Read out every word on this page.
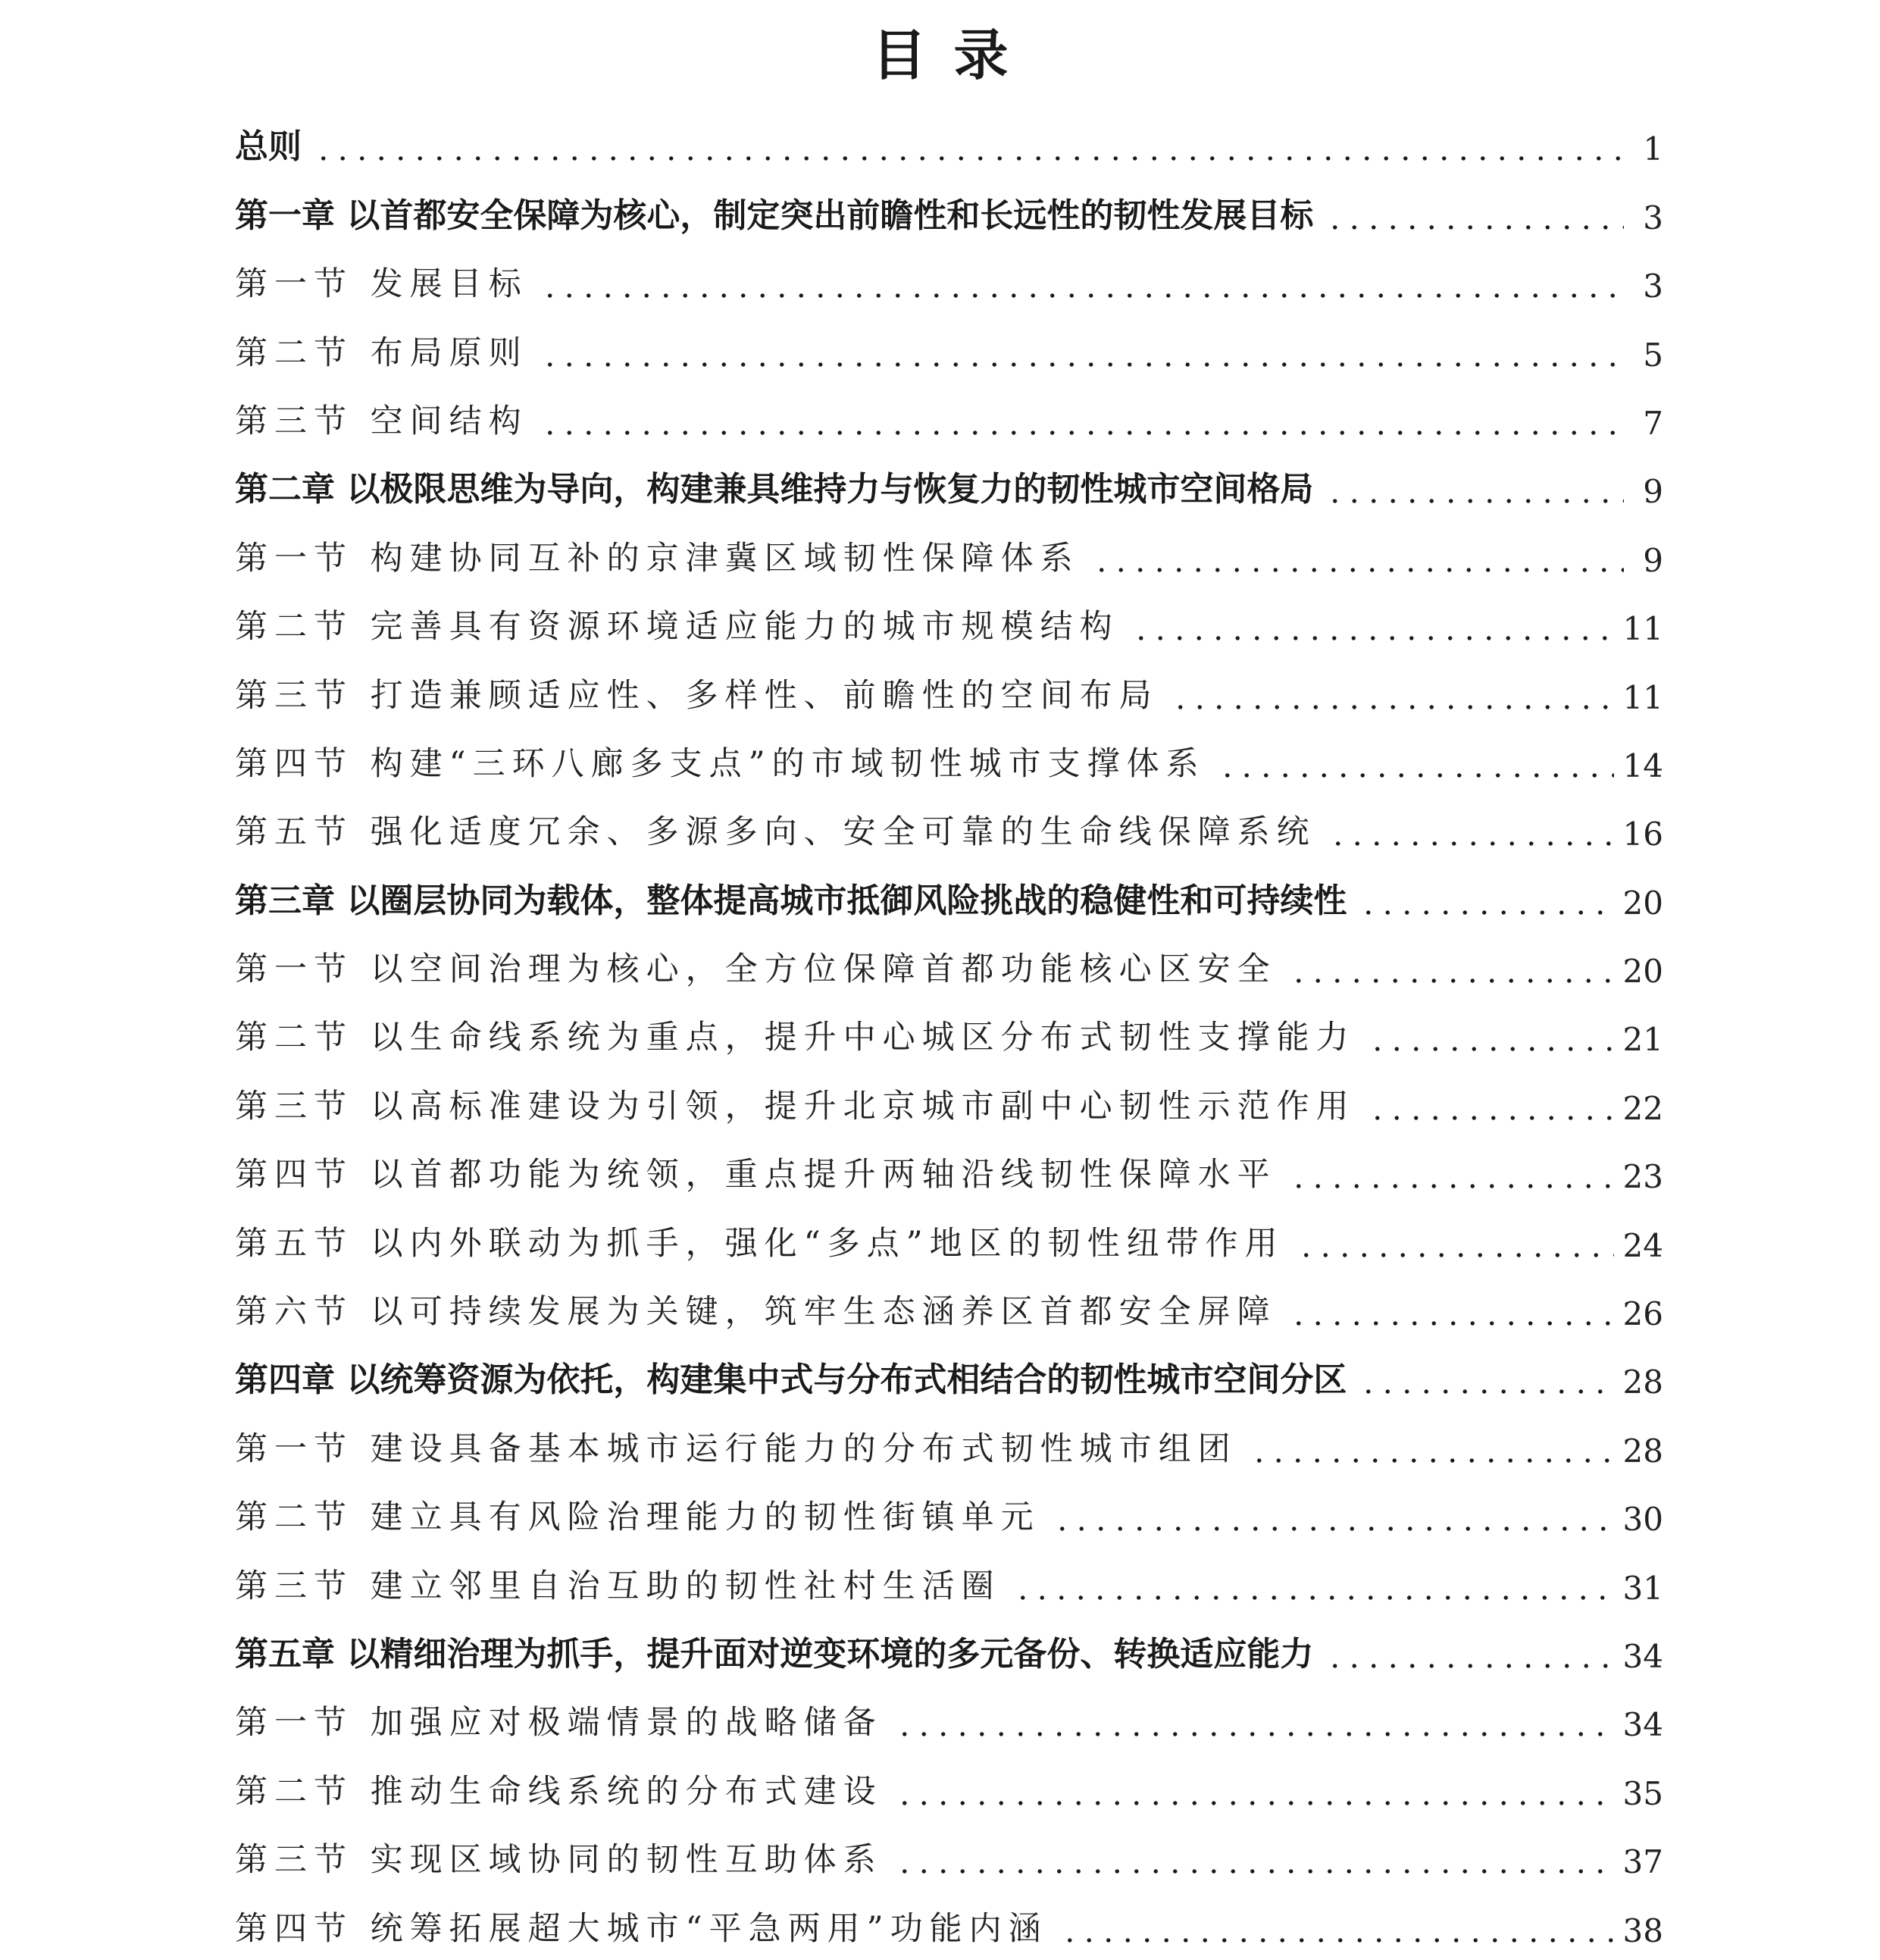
目录
总则	1
第一章 以首都安全保障为核心，制定突出前瞻性和长远性的韧性发展目标	3
第一节 发展目标	3
第二节 布局原则	5
第三节 空间结构	7
第二章 以极限思维为导向，构建兼具维持力与恢复力的韧性城市空间格局	9
第一节 构建协同互补的京津冀区域韧性保障体系	9
第二节 完善具有资源环境适应能力的城市规模结构	11
第三节 打造兼顾适应性、多样性、前瞻性的空间布局	11
第四节 构建“三环八廊多支点”的市域韧性城市支撑体系	14
第五节 强化适度冗余、多源多向、安全可靠的生命线保障系统	16
第三章 以圈层协同为载体，整体提高城市抵御风险挑战的稳健性和可持续性	20
第一节 以空间治理为核心，全方位保障首都功能核心区安全	20
第二节 以生命线系统为重点，提升中心城区分布式韧性支撑能力	21
第三节 以高标准建设为引领，提升北京城市副中心韧性示范作用	22
第四节 以首都功能为统领，重点提升两轴沿线韧性保障水平	23
第五节 以内外联动为抓手，强化“多点”地区的韧性纽带作用	24
第六节 以可持续发展为关键，筑牢生态涵养区首都安全屏障	26
第四章 以统筹资源为依托，构建集中式与分布式相结合的韧性城市空间分区	28
第一节 建设具备基本城市运行能力的分布式韧性城市组团	28
第二节 建立具有风险治理能力的韧性街镇单元	30
第三节 建立邻里自治互助的韧性社村生活圈	31
第五章 以精细治理为抓手，提升面对逆变环境的多元备份、转换适应能力	34
第一节 加强应对极端情景的战略储备	34
第二节 推动生命线系统的分布式建设	35
第三节 实现区域协同的韧性互助体系	37
第四节 统筹拓展超大城市“平急两用”功能内涵	38
